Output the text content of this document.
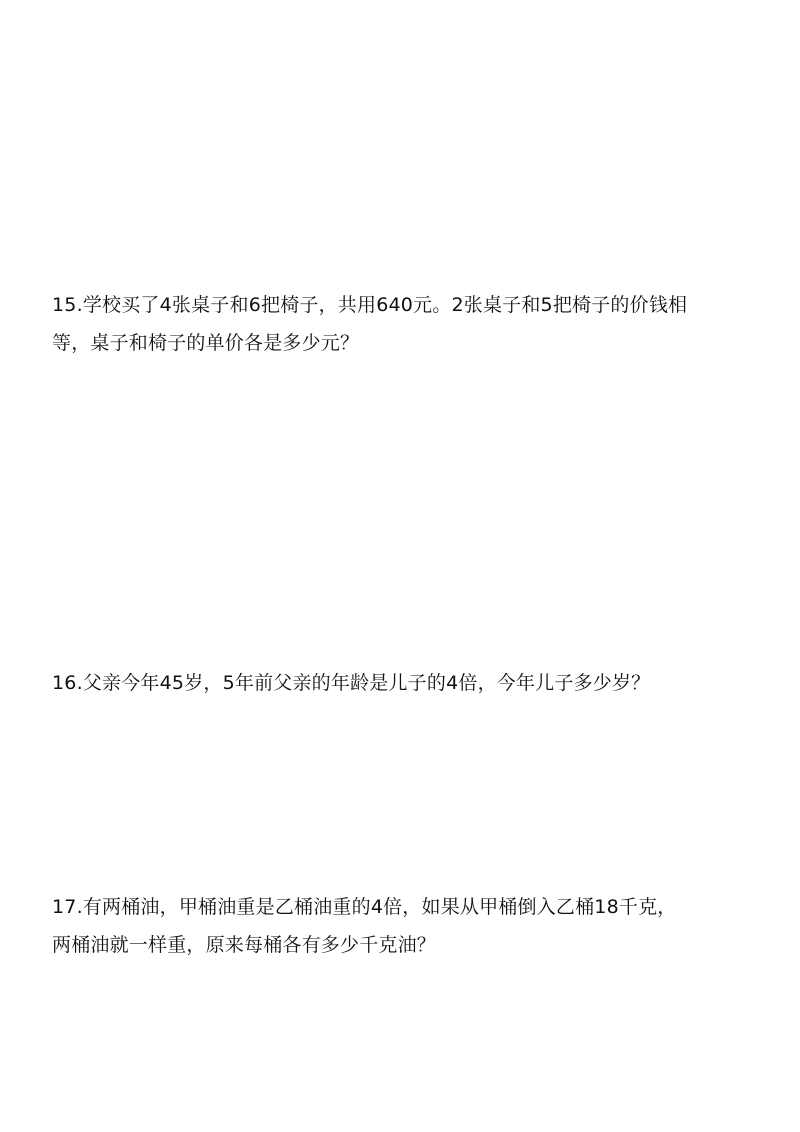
15.学校买了4张桌子和6把椅子，共用640元。2张桌子和5把椅子的价钱相
等，桌子和椅子的单价各是多少元？
16.父亲今年45岁，5年前父亲的年龄是儿子的4倍，今年儿子多少岁？
17.有两桶油，甲桶油重是乙桶油重的4倍，如果从甲桶倒入乙桶18千克，
两桶油就一样重，原来每桶各有多少千克油？
